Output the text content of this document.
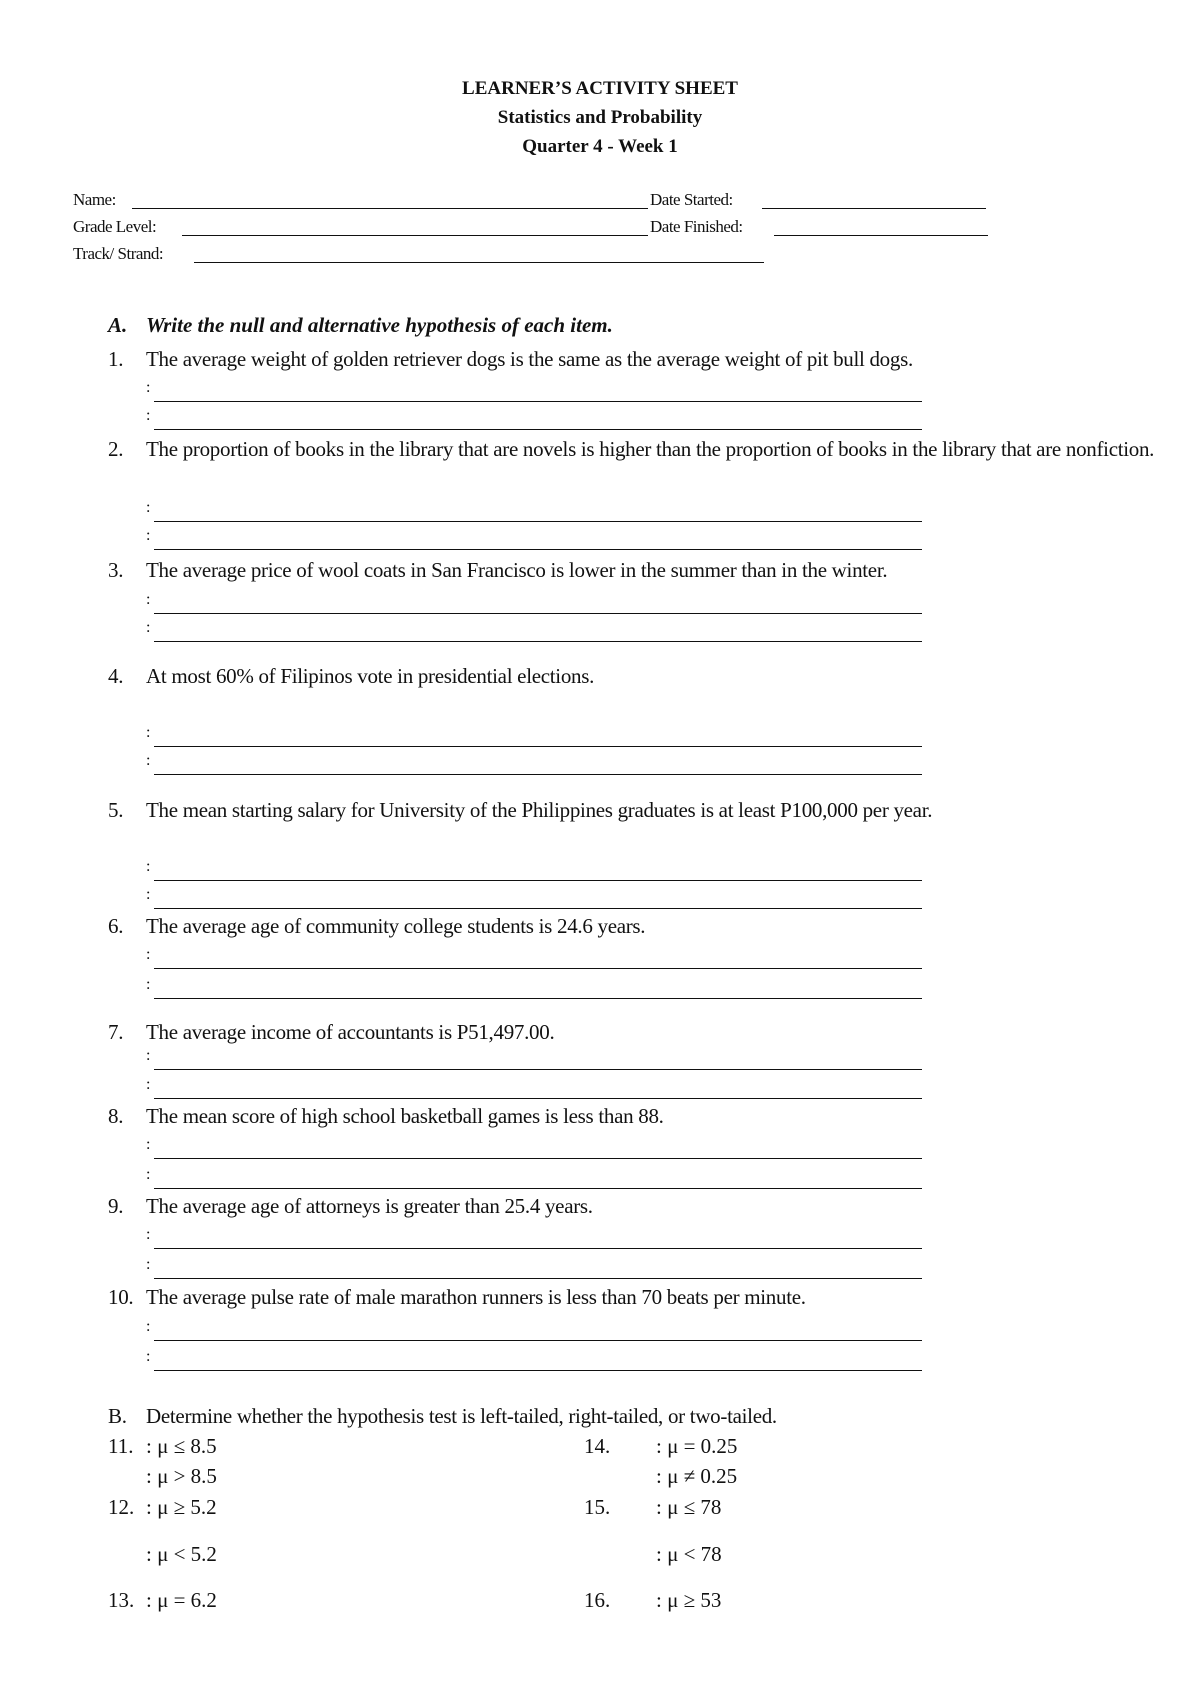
LEARNER’S ACTIVITY SHEET
Statistics and Probability
Quarter 4 - Week 1
Name:	Date Started:
Grade Level:	Date Finished:
Track/ Strand:
A. Write the null and alternative hypothesis of each item.
1. The average weight of golden retriever dogs is the same as the average weight of pit bull dogs.
:
:
2. The proportion of books in the library that are novels is higher than the proportion of books in the library that are nonfiction.
:
:
3. The average price of wool coats in San Francisco is lower in the summer than in the winter.
:
:
4. At most 60% of Filipinos vote in presidential elections.
:
:
5. The mean starting salary for University of the Philippines graduates is at least P100,000 per year.
:
:
6. The average age of community college students is 24.6 years.
:
:
7. The average income of accountants is P51,497.00.
:
:
8. The mean score of high school basketball games is less than 88.
:
:
9. The average age of attorneys is greater than 25.4 years.
:
:
10. The average pulse rate of male marathon runners is less than 70 beats per minute.
:
:
B. Determine whether the hypothesis test is left-tailed, right-tailed, or two-tailed.
11. : μ ≤ 8.5
: μ > 8.5
12. : μ ≥ 5.2
: μ < 5.2
13. : μ = 6.2
14. : μ = 0.25
: μ ≠ 0.25
15. : μ ≤ 78
: μ < 78
16. : μ ≥ 53
